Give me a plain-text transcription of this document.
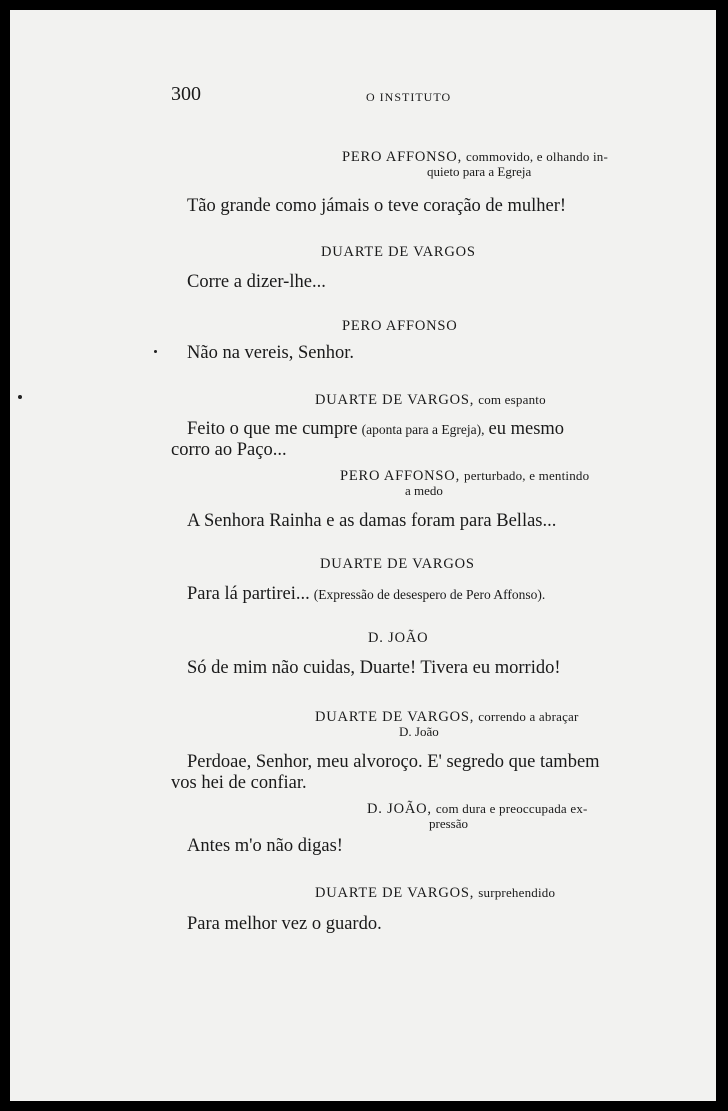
300	O INSTITUTO
PERO AFFONSO, commovido, e olhando in-
quieto para a Egreja
Tão grande como jámais o teve coração de mulher!
DUARTE DE VARGOS
Corre a dizer-lhe...
PERO AFFONSO
Não na vereis, Senhor.
DUARTE DE VARGOS, com espanto
Feito o que me cumpre (aponta para a Egreja), eu mesmo
corro ao Paço...
PERO AFFONSO, perturbado, e mentindo
a medo
A Senhora Rainha e as damas foram para Bellas...
DUARTE DE VARGOS
Para lá partirei... (Expressão de desespero de Pero Affonso).
D. JOÃO
Só de mim não cuidas, Duarte! Tivera eu morrido!
DUARTE DE VARGOS, correndo a abraçar
D. João
Perdoae, Senhor, meu alvoroço. E' segredo que tambem
vos hei de confiar.
D. JOÃO, com dura e preoccupada ex-
pressão
Antes m'o não digas!
DUARTE DE VARGOS, surprehendido
Para melhor vez o guardo.
